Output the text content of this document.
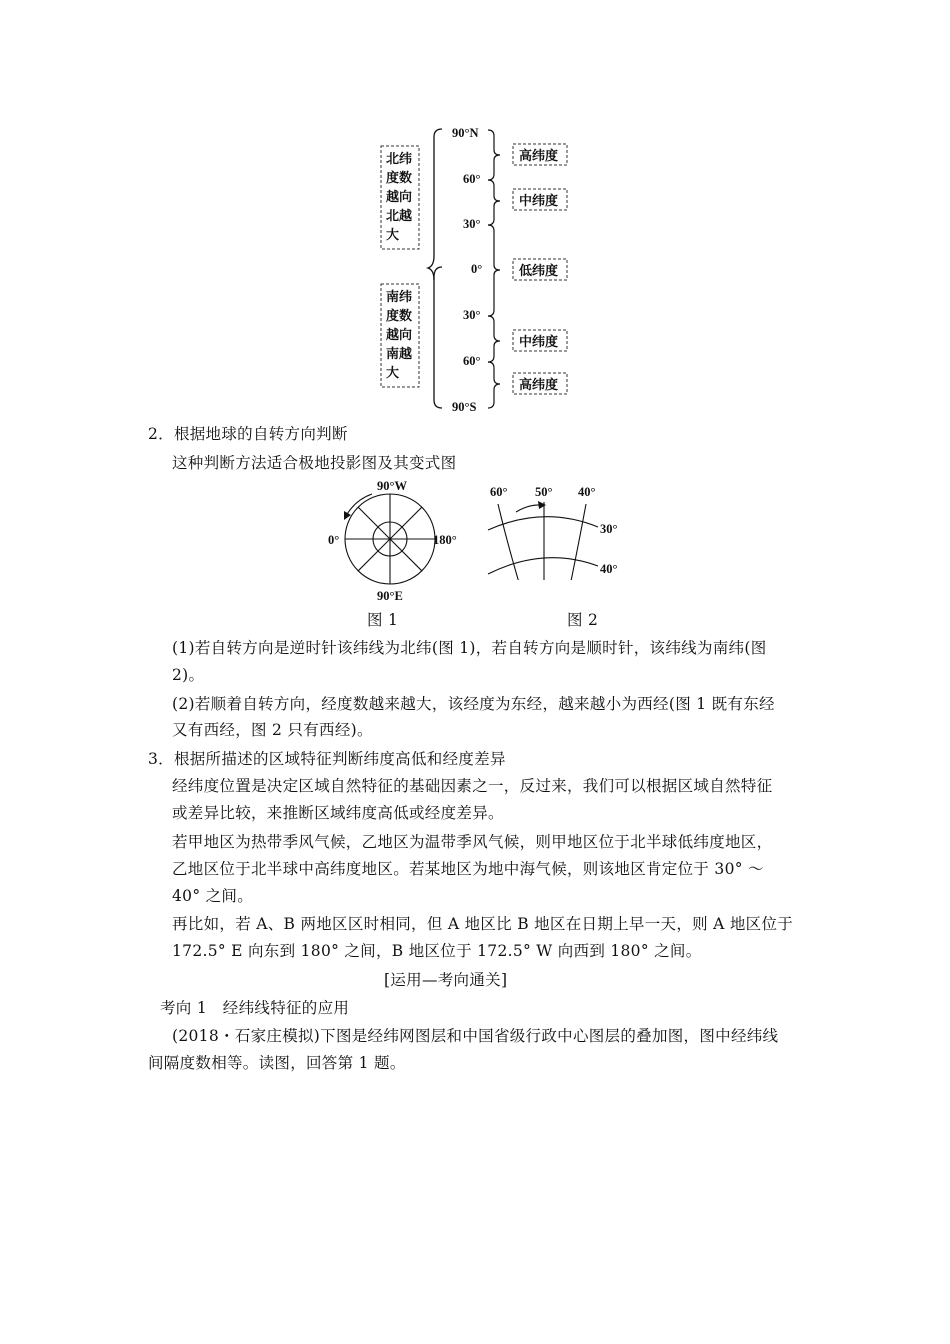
北纬
度数
越向
北越
大
南纬
度数
越向
南越
大
90°N
60°
30°
0°
30°
60°
90°S
高纬度
中纬度
低纬度
中纬度
高纬度
2．根据地球的自转方向判断
这种判断方法适合极地投影图及其变式图
90°W
0°	180°
90°E
60° 50° 40°
30°
40°
图 1	图 2
(1)若自转方向是逆时针该纬线为北纬(图 1)，若自转方向是顺时针，该纬线为南纬(图
2)。
(2)若顺着自转方向，经度数越来越大，该经度为东经，越来越小为西经(图 1 既有东经
又有西经，图 2 只有西经)。
3．根据所描述的区域特征判断纬度高低和经度差异
经纬度位置是决定区域自然特征的基础因素之一，反过来，我们可以根据区域自然特征
或差异比较，来推断区域纬度高低或经度差异。
若甲地区为热带季风气候，乙地区为温带季风气候，则甲地区位于北半球低纬度地区，
乙地区位于北半球中高纬度地区。若某地区为地中海气候，则该地区肯定位于 30° ～
40° 之间。
再比如，若 A、B 两地区区时相同，但 A 地区比 B 地区在日期上早一天，则 A 地区位于
172.5° E 向东到 180° 之间，B 地区位于 172.5° W 向西到 180° 之间。
[运用—考向通关]
考向 1　经纬线特征的应用
(2018・石家庄模拟)下图是经纬网图层和中国省级行政中心图层的叠加图，图中经纬线
间隔度数相等。读图，回答第 1 题。
